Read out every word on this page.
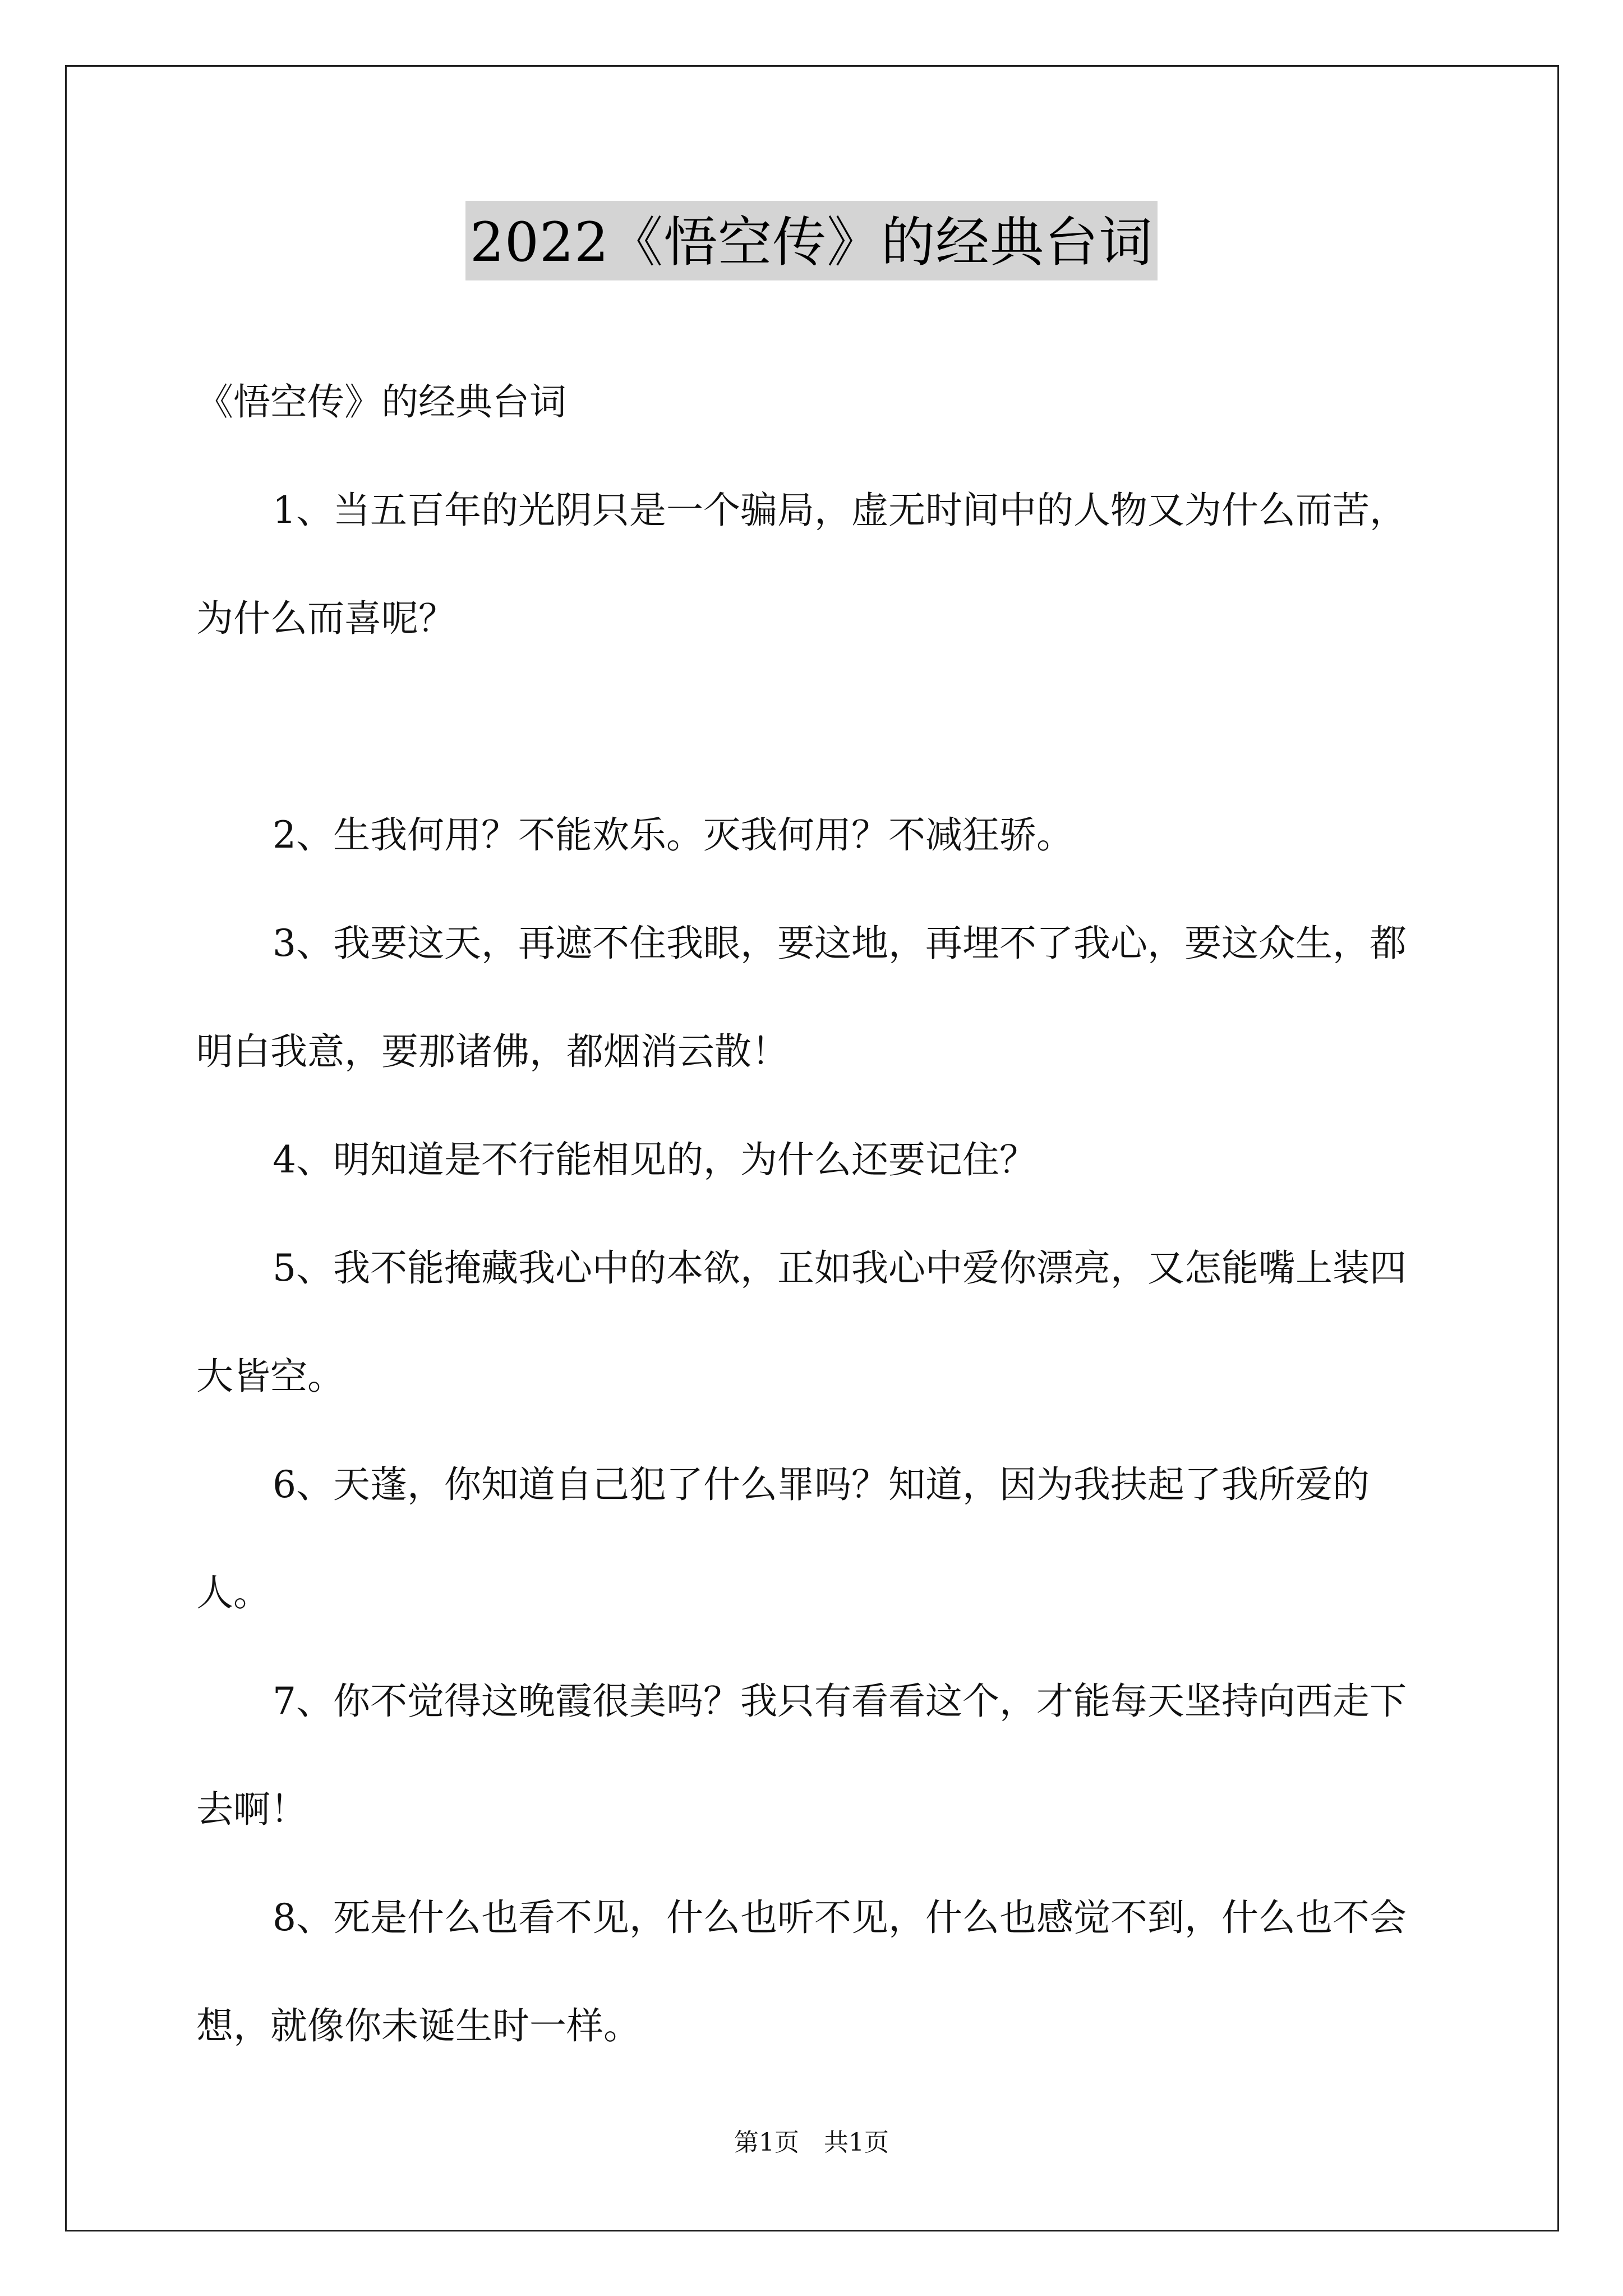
2022《悟空传》的经典台词

《悟空传》的经典台词

1、当五百年的光阴只是一个骗局，虚无时间中的人物又为什么而苦，为什么而喜呢？

2、生我何用？不能欢乐。灭我何用？不减狂骄。

3、我要这天，再遮不住我眼，要这地，再埋不了我心，要这众生，都明白我意，要那诸佛，都烟消云散！

4、明知道是不行能相见的，为什么还要记住？

5、我不能掩藏我心中的本欲，正如我心中爱你漂亮，又怎能嘴上装四大皆空。

6、天蓬，你知道自己犯了什么罪吗？知道，因为我扶起了我所爱的人。

7、你不觉得这晚霞很美吗？我只有看看这个，才能每天坚持向西走下去啊！

8、死是什么也看不见，什么也听不见，什么也感觉不到，什么也不会想，就像你未诞生时一样。

第1页　共1页
